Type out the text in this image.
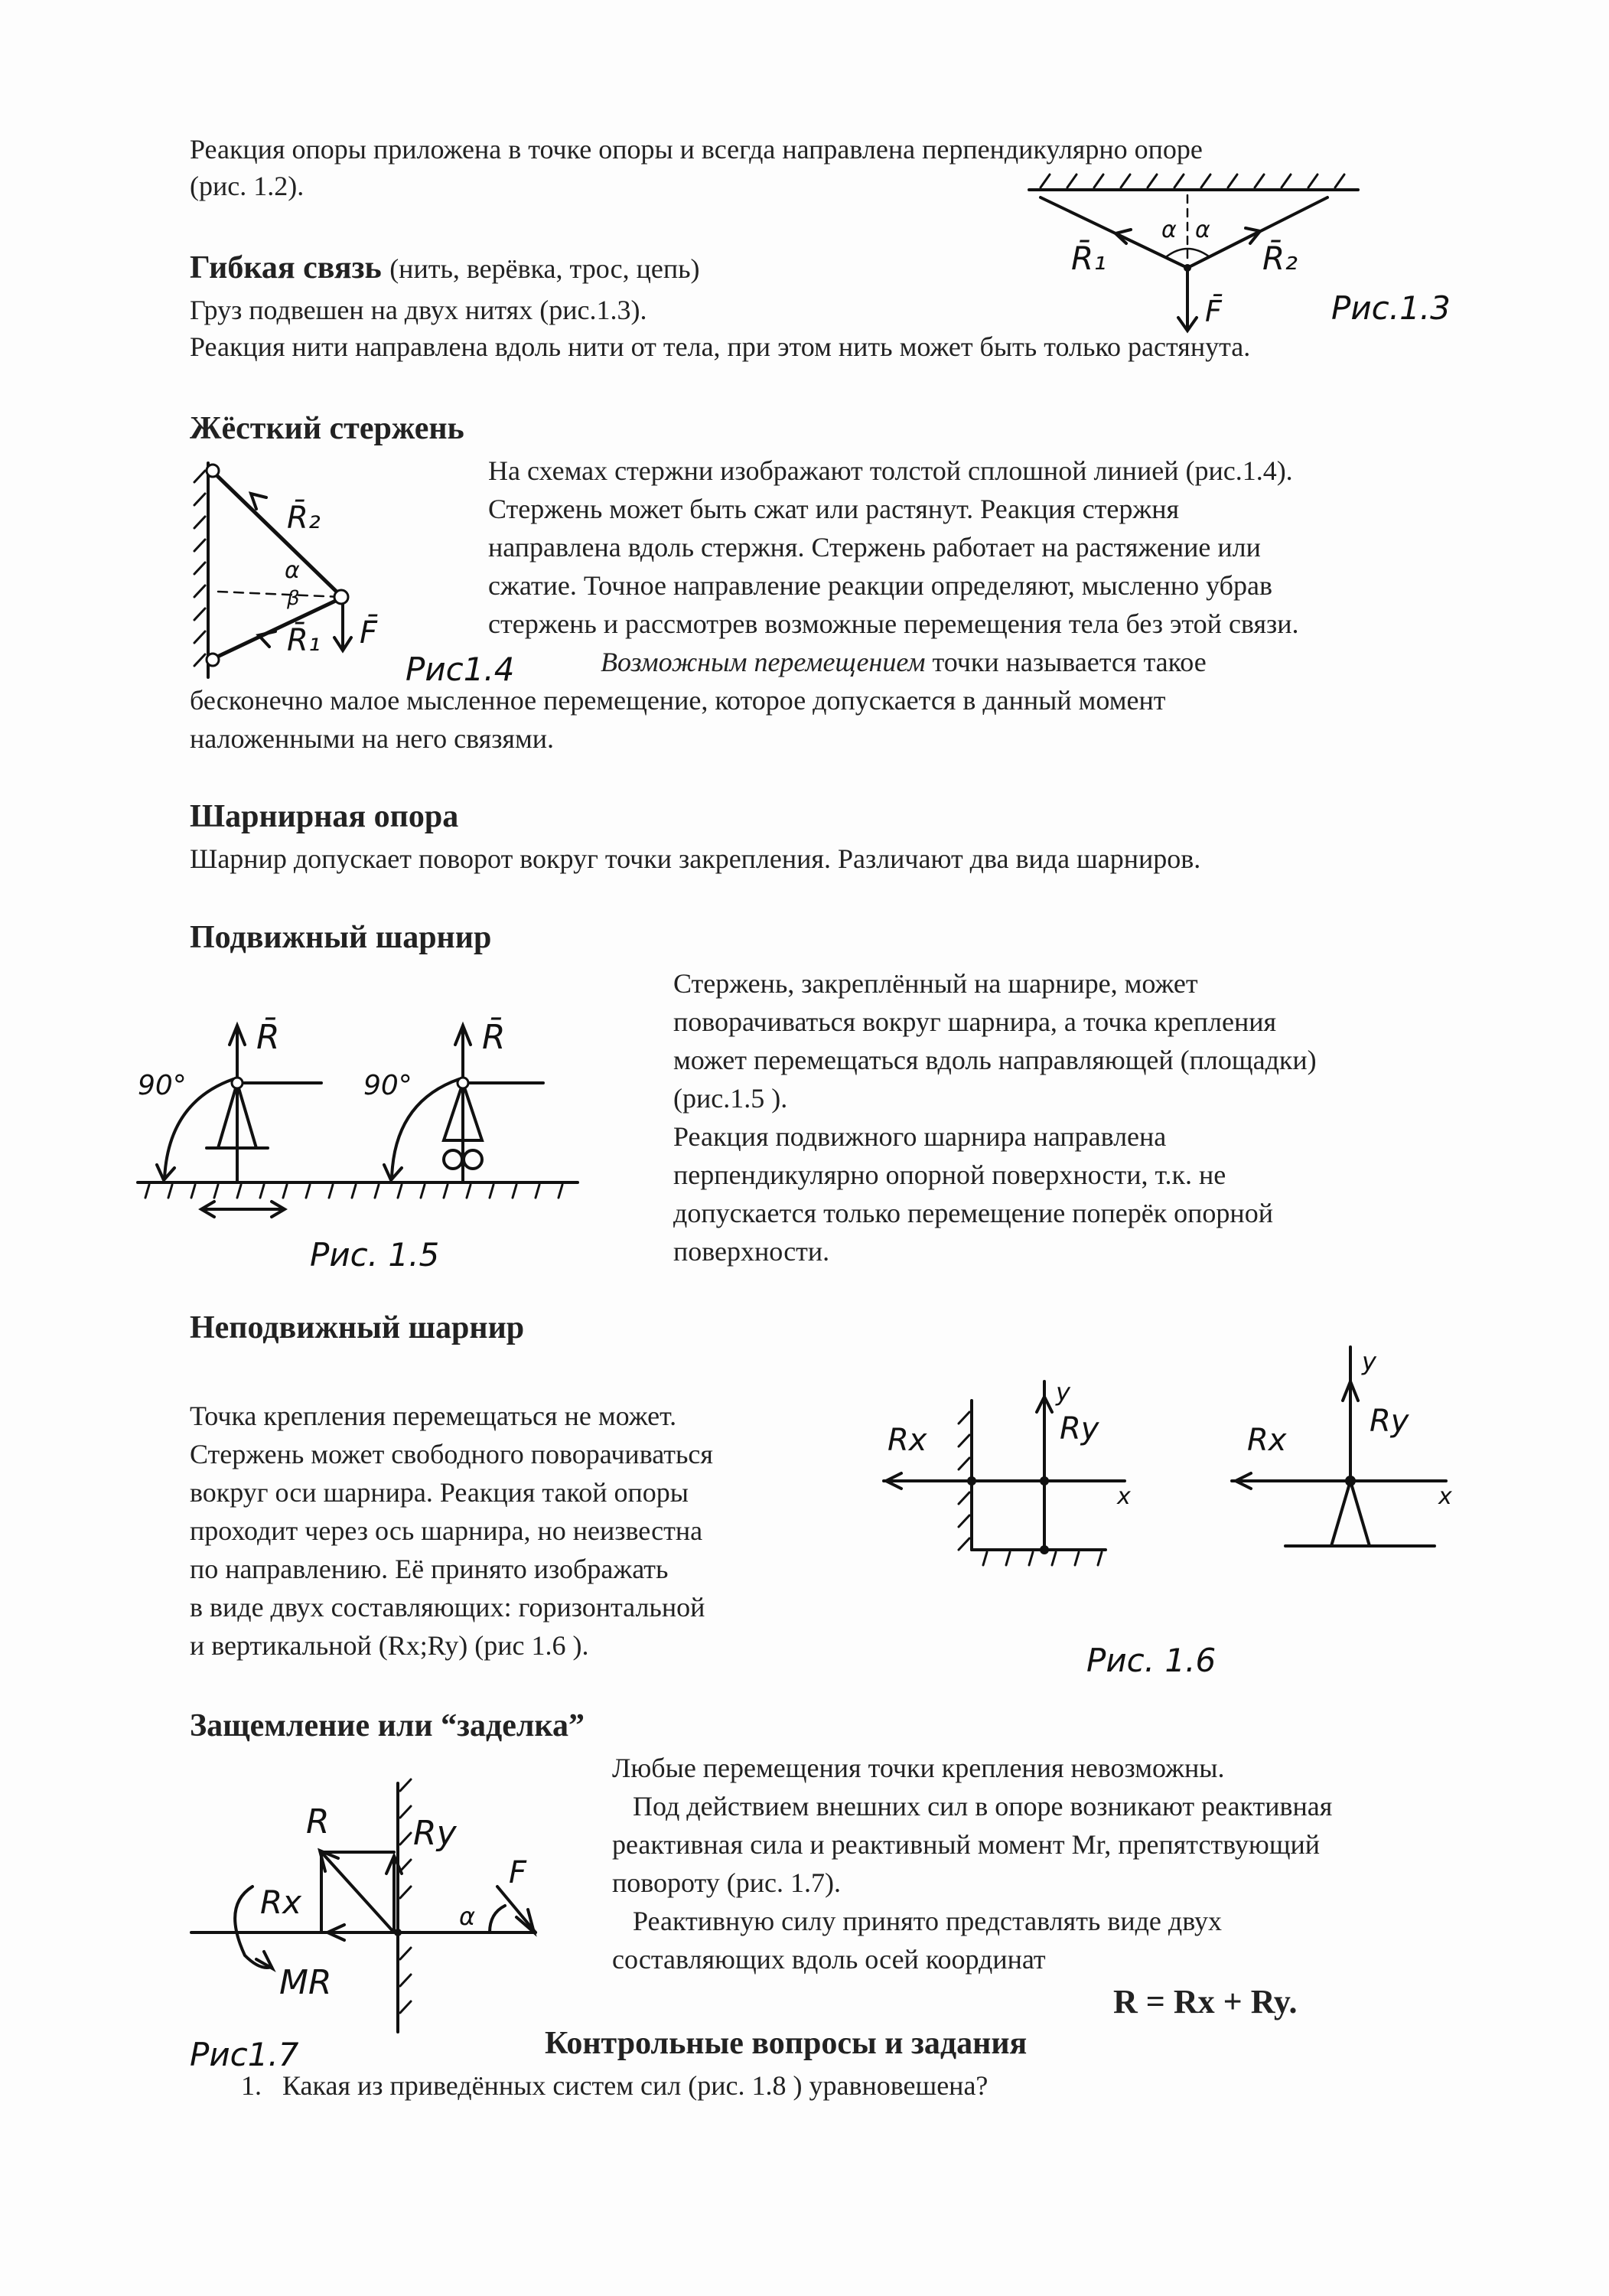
Реакция опоры приложена в точке опоры и всегда направлена перпендикулярно опоре
(рис. 1.2).
Гибкая связь (нить, верёвка, трос, цепь)
Груз подвешен на двух нитях (рис.1.3).
Реакция нити направлена вдоль нити от тела, при этом нить может быть только растянута.
R̄₁	R̄₂
F̄
α α
Рис.1.3
Жёсткий стержень
На схемах стержни изображают толстой сплошной линией (рис.1.4).
Стержень может быть сжат или растянут. Реакция стержня
направлена вдоль стержня. Стержень работает на растяжение или
сжатие. Точное направление реакции определяют, мысленно убрав
стержень и рассмотрев возможные перемещения тела без этой связи.
Возможным перемещением точки называется такое
бесконечно малое мысленное перемещение, которое допускается в данный момент
наложенными на него связями.
R̄₂
R̄₁ F̄
α
β
Рис1.4
Шарнирная опора
Шарнир допускает поворот вокруг точки закрепления. Различают два вида шарниров.
Подвижный шарнир
Стержень, закреплённый на шарнире, может
поворачиваться вокруг шарнира, а точка крепления
может перемещаться вдоль направляющей (площадки)
(рис.1.5 ).
Реакция подвижного шарнира направлена
перпендикулярно опорной поверхности, т.к. не
допускается только перемещение поперёк опорной
поверхности.
R̄	R̄
90°	90°
Рис. 1.5
Неподвижный шарнир
Точка крепления перемещаться не может.
Стержень может свободного поворачиваться
вокруг оси шарнира. Реакция такой опоры
проходит через ось шарнира, но неизвестна
по направлению. Её принято изображать
в виде двух составляющих: горизонтальной
и вертикальной (Rx;Ry) (рис 1.6 ).
Rx	Ry
y
x
Rx
Ry
y
x
Рис. 1.6
Защемление или “заделка”
Любые перемещения точки крепления невозможны.
Под действием внешних сил в опоре возникают реактивная
реактивная сила и реактивный момент Мr, препятствующий
повороту (рис. 1.7).
Реактивную силу принято представлять виде двух
составляющих вдоль осей координат
R = Rx + Ry.
R Ry
Rx
F
α
MR
Рис1.7	Контрольные вопросы и задания
1.   Какая из приведённых систем сил (рис. 1.8 ) уравновешена?
